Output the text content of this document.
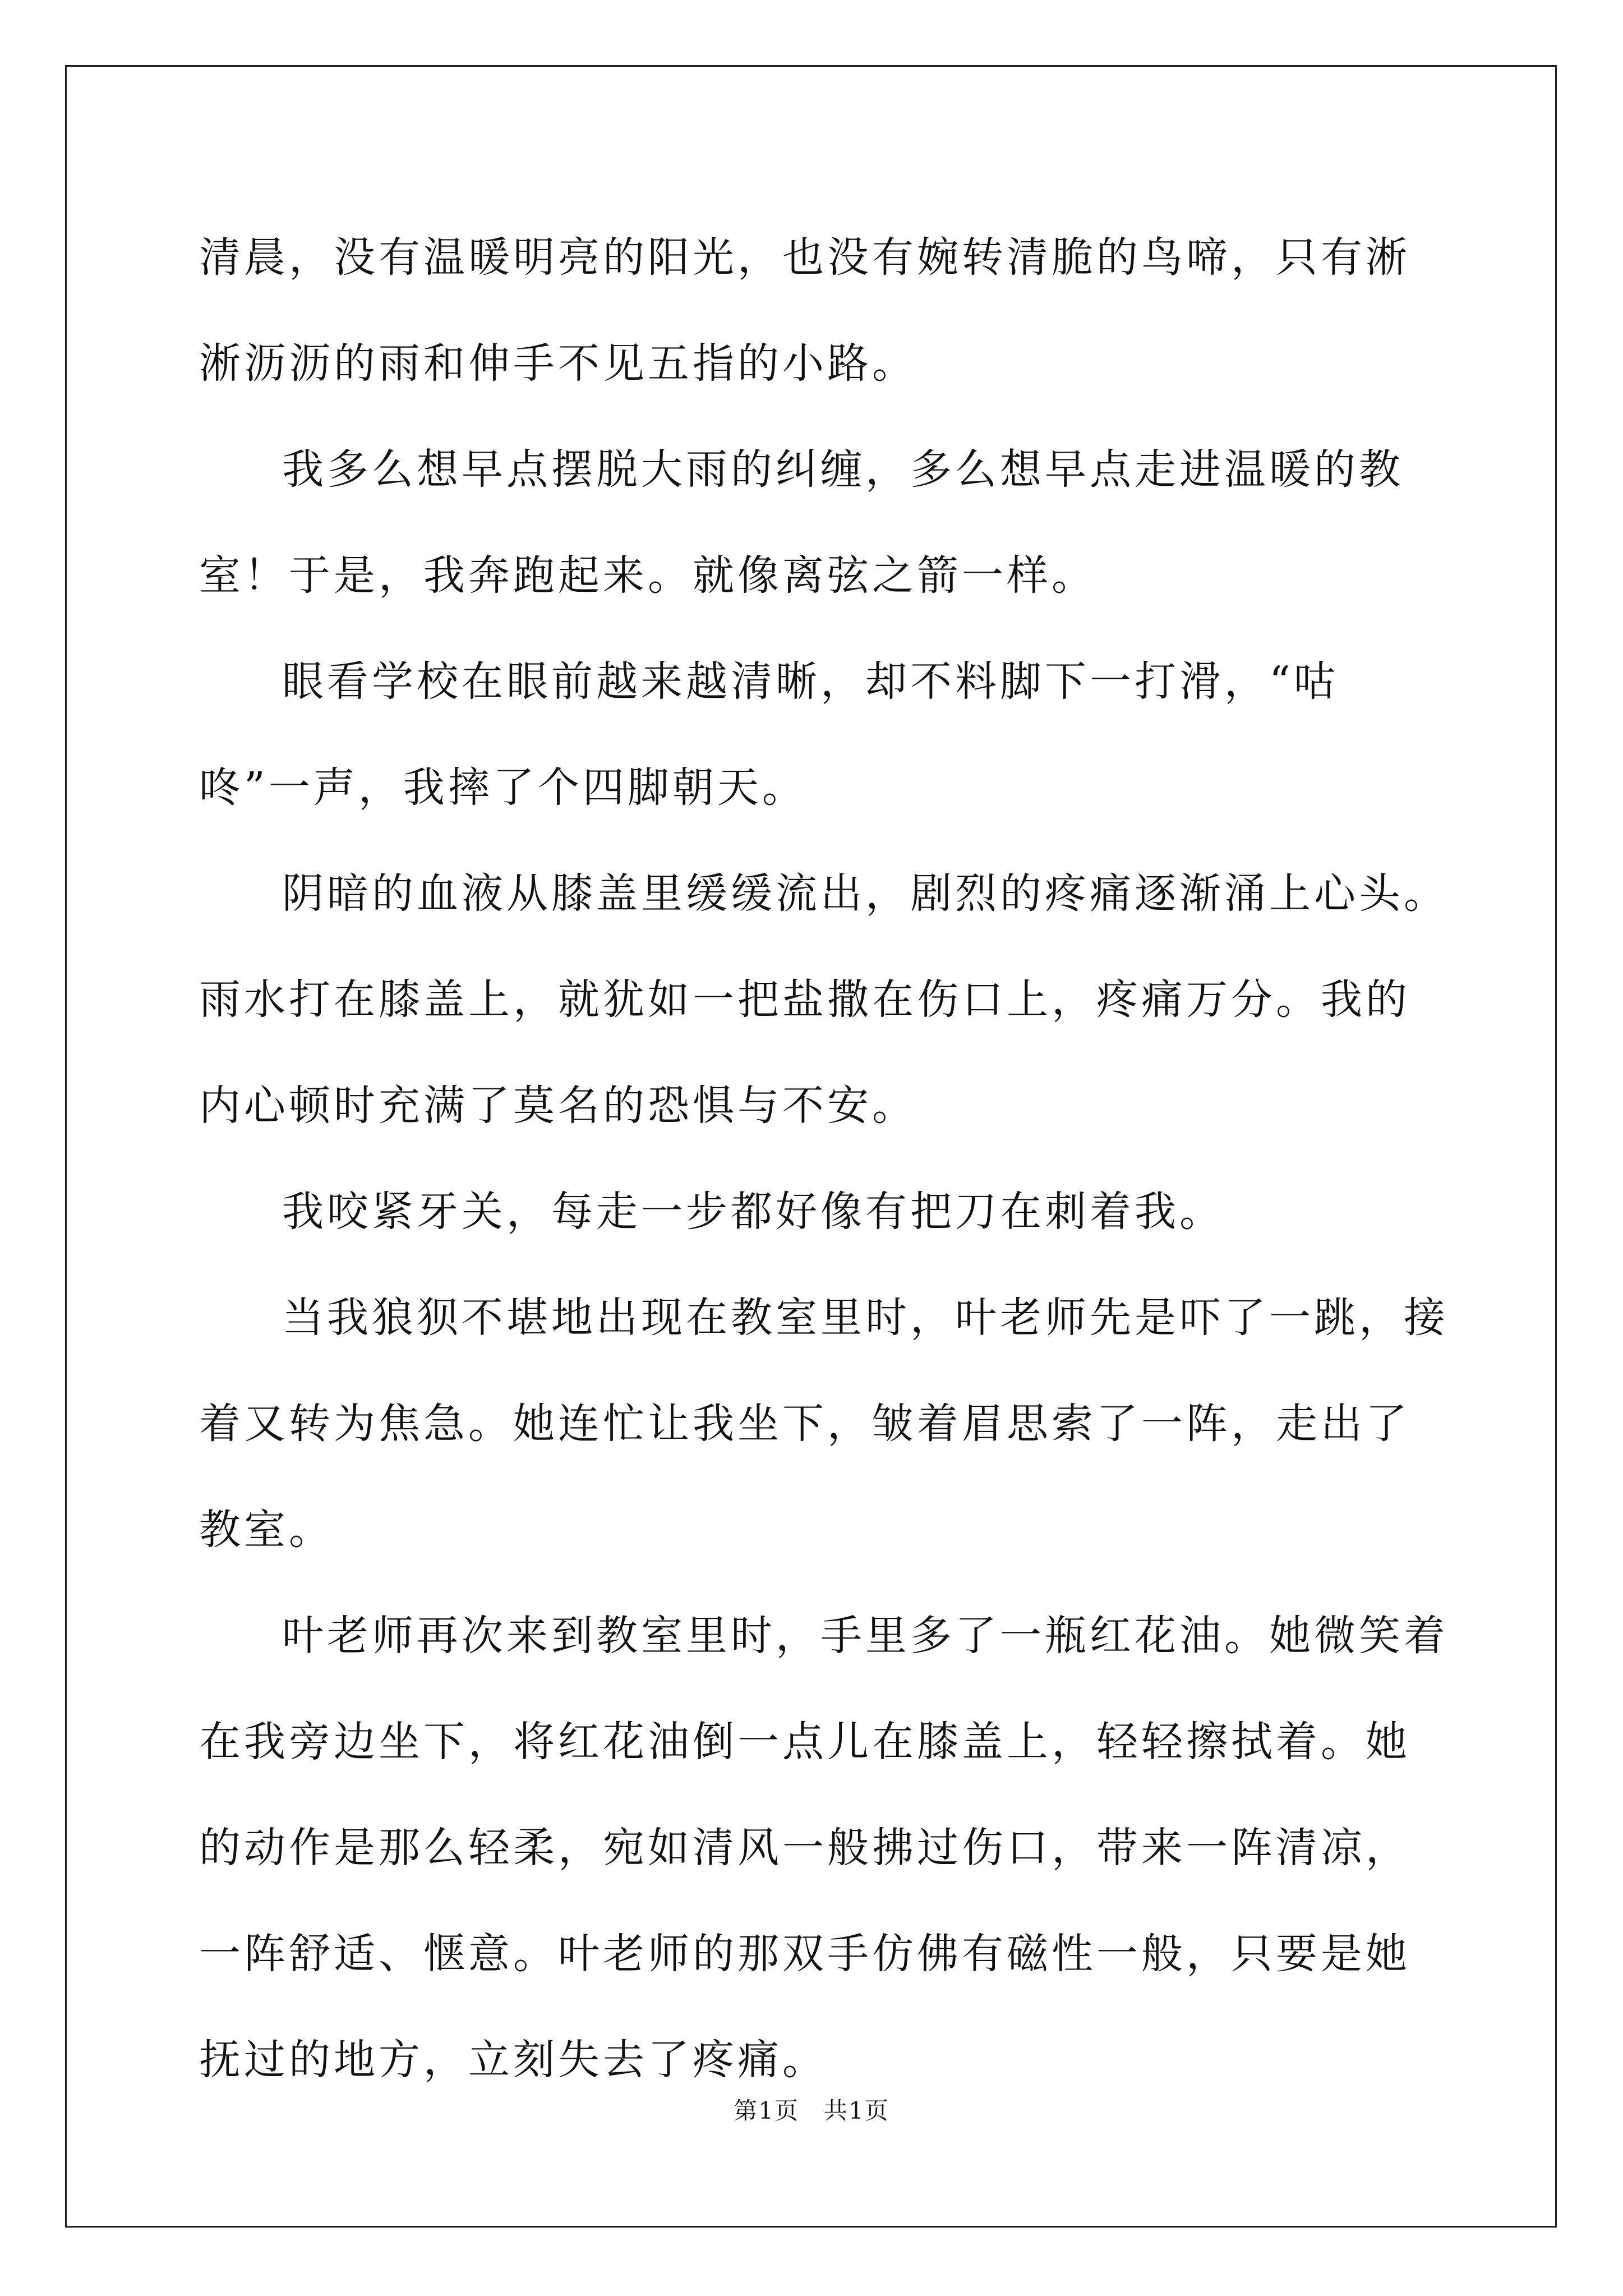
清晨，没有温暖明亮的阳光，也没有婉转清脆的鸟啼，只有淅淅沥沥的雨和伸手不见五指的小路。

我多么想早点摆脱大雨的纠缠，多么想早点走进温暖的教室！于是，我奔跑起来。就像离弦之箭一样。

眼看学校在眼前越来越清晰，却不料脚下一打滑，“咕咚”一声，我摔了个四脚朝天。

阴暗的血液从膝盖里缓缓流出，剧烈的疼痛逐渐涌上心头。雨水打在膝盖上，就犹如一把盐撒在伤口上，疼痛万分。我的内心顿时充满了莫名的恐惧与不安。

我咬紧牙关，每走一步都好像有把刀在刺着我。

当我狼狈不堪地出现在教室里时，叶老师先是吓了一跳，接着又转为焦急。她连忙让我坐下，皱着眉思索了一阵，走出了教室。

叶老师再次来到教室里时，手里多了一瓶红花油。她微笑着在我旁边坐下，将红花油倒一点儿在膝盖上，轻轻擦拭着。她的动作是那么轻柔，宛如清风一般拂过伤口，带来一阵清凉，一阵舒适、惬意。叶老师的那双手仿佛有磁性一般，只要是她抚过的地方，立刻失去了疼痛。

第1页　共1页
